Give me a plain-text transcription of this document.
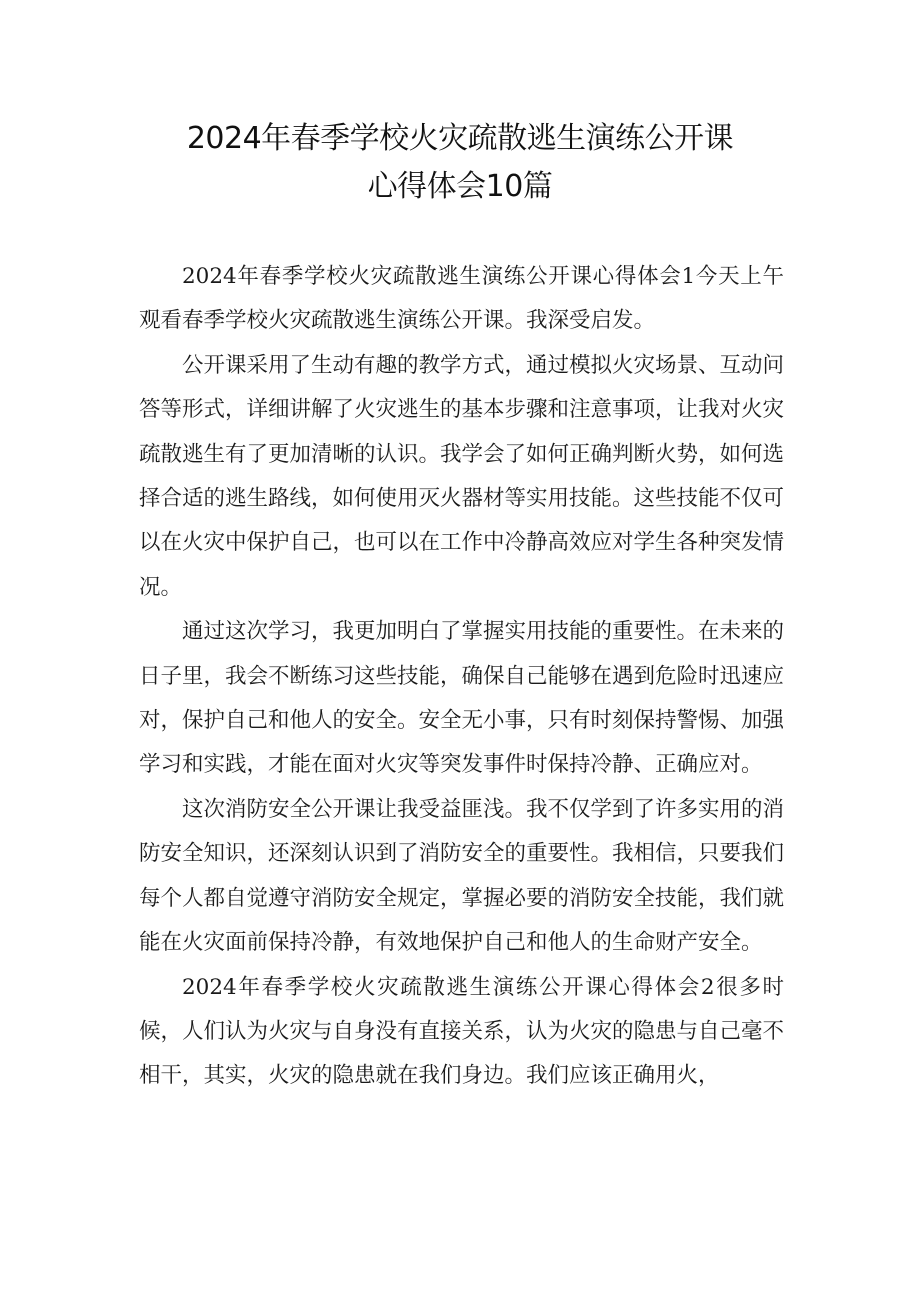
2024年春季学校火灾疏散逃生演练公开课
心得体会10篇

2024年春季学校火灾疏散逃生演练公开课心得体会1今天上午观看春季学校火灾疏散逃生演练公开课。我深受启发。

公开课采用了生动有趣的教学方式，通过模拟火灾场景、互动问答等形式，详细讲解了火灾逃生的基本步骤和注意事项，让我对火灾疏散逃生有了更加清晰的认识。我学会了如何正确判断火势，如何选择合适的逃生路线，如何使用灭火器材等实用技能。这些技能不仅可以在火灾中保护自己，也可以在工作中冷静高效应对学生各种突发情况。

通过这次学习，我更加明白了掌握实用技能的重要性。在未来的日子里，我会不断练习这些技能，确保自己能够在遇到危险时迅速应对，保护自己和他人的安全。安全无小事，只有时刻保持警惕、加强学习和实践，才能在面对火灾等突发事件时保持冷静、正确应对。

这次消防安全公开课让我受益匪浅。我不仅学到了许多实用的消防安全知识，还深刻认识到了消防安全的重要性。我相信，只要我们每个人都自觉遵守消防安全规定，掌握必要的消防安全技能，我们就能在火灾面前保持冷静，有效地保护自己和他人的生命财产安全。

2024年春季学校火灾疏散逃生演练公开课心得体会2很多时候，人们认为火灾与自身没有直接关系，认为火灾的隐患与自己毫不相干，其实，火灾的隐患就在我们身边。我们应该正确用火，
